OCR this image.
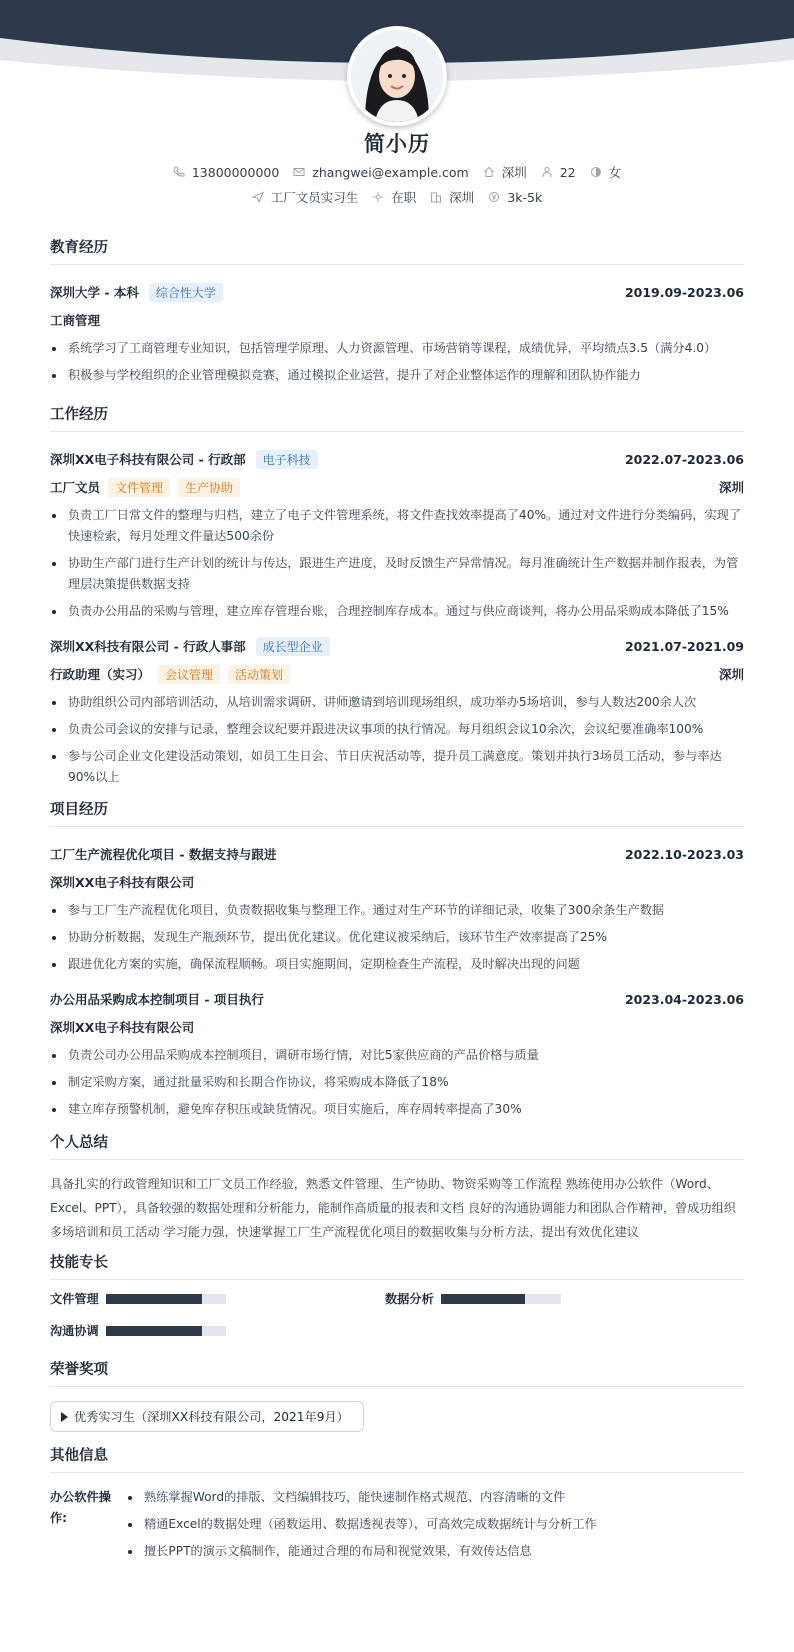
简小历
13800000000	zhangwei@example.com	深圳	22	女
工厂文员实习生	在职	深圳	3k-5k
教育经历
深圳大学 - 本科	综合性大学	2019.09-2023.06
工商管理
系统学习了工商管理专业知识，包括管理学原理、人力资源管理、市场营销等课程，成绩优异，平均绩点3.5（满分4.0）
积极参与学校组织的企业管理模拟竞赛，通过模拟企业运营，提升了对企业整体运作的理解和团队协作能力
工作经历
深圳XX电子科技有限公司 - 行政部	电子科技	2022.07-2023.06
工厂文员	文件管理	生产协助	深圳
负责工厂日常文件的整理与归档，建立了电子文件管理系统，将文件查找效率提高了40%。通过对文件进行分类编码，实现了快速检索，每月处理文件量达500余份
协助生产部门进行生产计划的统计与传达，跟进生产进度，及时反馈生产异常情况。每月准确统计生产数据并制作报表，为管理层决策提供数据支持
负责办公用品的采购与管理，建立库存管理台账，合理控制库存成本。通过与供应商谈判，将办公用品采购成本降低了15%
深圳XX科技有限公司 - 行政人事部	成长型企业	2021.07-2021.09
行政助理（实习）	会议管理	活动策划	深圳
协助组织公司内部培训活动，从培训需求调研、讲师邀请到培训现场组织，成功举办5场培训，参与人数达200余人次
负责公司会议的安排与记录，整理会议纪要并跟进决议事项的执行情况。每月组织会议10余次，会议纪要准确率100%
参与公司企业文化建设活动策划，如员工生日会、节日庆祝活动等，提升员工满意度。策划并执行3场员工活动，参与率达90%以上
项目经历
工厂生产流程优化项目 - 数据支持与跟进	2022.10-2023.03
深圳XX电子科技有限公司
参与工厂生产流程优化项目，负责数据收集与整理工作。通过对生产环节的详细记录，收集了300余条生产数据
协助分析数据，发现生产瓶颈环节，提出优化建议。优化建议被采纳后，该环节生产效率提高了25%
跟进优化方案的实施，确保流程顺畅。项目实施期间，定期检查生产流程，及时解决出现的问题
办公用品采购成本控制项目 - 项目执行	2023.04-2023.06
深圳XX电子科技有限公司
负责公司办公用品采购成本控制项目，调研市场行情，对比5家供应商的产品价格与质量
制定采购方案，通过批量采购和长期合作协议，将采购成本降低了18%
建立库存预警机制，避免库存积压或缺货情况。项目实施后，库存周转率提高了30%
个人总结
具备扎实的行政管理知识和工厂文员工作经验，熟悉文件管理、生产协助、物资采购等工作流程 熟练使用办公软件（Word、Excel、PPT），具备较强的数据处理和分析能力，能制作高质量的报表和文档 良好的沟通协调能力和团队合作精神，曾成功组织多场培训和员工活动 学习能力强，快速掌握工厂生产流程优化项目的数据收集与分析方法，提出有效优化建议
技能专长
文件管理	数据分析
沟通协调
荣誉奖项
优秀实习生（深圳XX科技有限公司，2021年9月）
其他信息
办公软件操作:
熟练掌握Word的排版、文档编辑技巧，能快速制作格式规范、内容清晰的文件
精通Excel的数据处理（函数运用、数据透视表等），可高效完成数据统计与分析工作
擅长PPT的演示文稿制作，能通过合理的布局和视觉效果，有效传达信息
